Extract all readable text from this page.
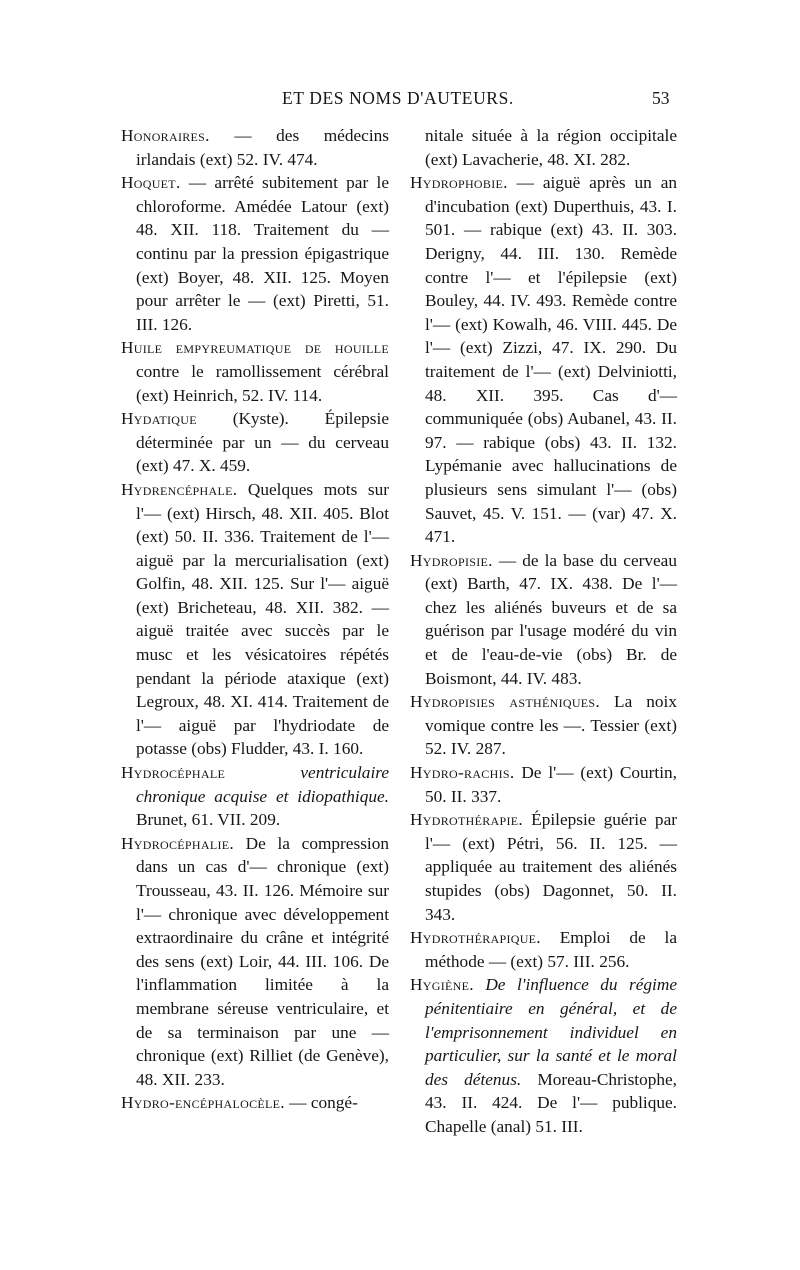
ET DES NOMS D'AUTEURS.	53

Honoraires. — des médecins irlandais (ext) 52. IV. 474.

Hoquet. — arrêté subitement par le chloroforme. Amédée Latour (ext) 48. XII. 118. Traitement du — continu par la pression épigastrique (ext) Boyer, 48. XII. 125. Moyen pour arrêter le — (ext) Piretti, 51. III. 126.

Huile empyreumatique de houille contre le ramollissement cérébral (ext) Heinrich, 52. IV. 114.

Hydatique (Kyste). Épilepsie déterminée par un — du cerveau (ext) 47. X. 459.

Hydrencéphale. Quelques mots sur l'— (ext) Hirsch, 48. XII. 405. Blot (ext) 50. II. 336. Traitement de l'— aiguë par la mercurialisation (ext) Golfin, 48. XII. 125. Sur l'— aiguë (ext) Bricheteau, 48. XII. 382. — aiguë traitée avec succès par le musc et les vésicatoires répétés pendant la période ataxique (ext) Legroux, 48. XI. 414. Traitement de l'— aiguë par l'hydriodate de potasse (obs) Fludder, 43. I. 160.

Hydrocéphale ventriculaire chronique acquise et idiopathique. Brunet, 61. VII. 209.

Hydrocéphalie. De la compression dans un cas d'— chronique (ext) Trousseau, 43. II. 126. Mémoire sur l'— chronique avec développement extraordinaire du crâne et intégrité des sens (ext) Loir, 44. III. 106. De l'inflammation limitée à la membrane séreuse ventriculaire, et de sa terminaison par une — chronique (ext) Rilliet (de Genève), 48. XII. 233.

Hydro-encéphalocèle. — congé-

nitale située à la région occipitale (ext) Lavacherie, 48. XI. 282.

Hydrophobie. — aiguë après un an d'incubation (ext) Duperthuis, 43. I. 501. — rabique (ext) 43. II. 303. Derigny, 44. III. 130. Remède contre l'— et l'épilepsie (ext) Bouley, 44. IV. 493. Remède contre l'— (ext) Kowalh, 46. VIII. 445. De l'— (ext) Zizzi, 47. IX. 290. Du traitement de l'— (ext) Delviniotti, 48. XII. 395. Cas d'— communiquée (obs) Aubanel, 43. II. 97. — rabique (obs) 43. II. 132. Lypémanie avec hallucinations de plusieurs sens simulant l'— (obs) Sauvet, 45. V. 151. — (var) 47. X. 471.

Hydropisie. — de la base du cerveau (ext) Barth, 47. IX. 438. De l'— chez les aliénés buveurs et de sa guérison par l'usage modéré du vin et de l'eau-de-vie (obs) Br. de Boismont, 44. IV. 483.

Hydropisies asthéniques. La noix vomique contre les —. Tessier (ext) 52. IV. 287.

Hydro-rachis. De l'— (ext) Courtin, 50. II. 337.

Hydrothérapie. Épilepsie guérie par l'— (ext) Pétri, 56. II. 125. — appliquée au traitement des aliénés stupides (obs) Dagonnet, 50. II. 343.

Hydrothérapique. Emploi de la méthode — (ext) 57. III. 256.

Hygiène. De l'influence du régime pénitentiaire en général, et de l'emprisonnement individuel en particulier, sur la santé et le moral des détenus. Moreau-Christophe, 43. II. 424. De l'— publique. Chapelle (anal) 51. III.
